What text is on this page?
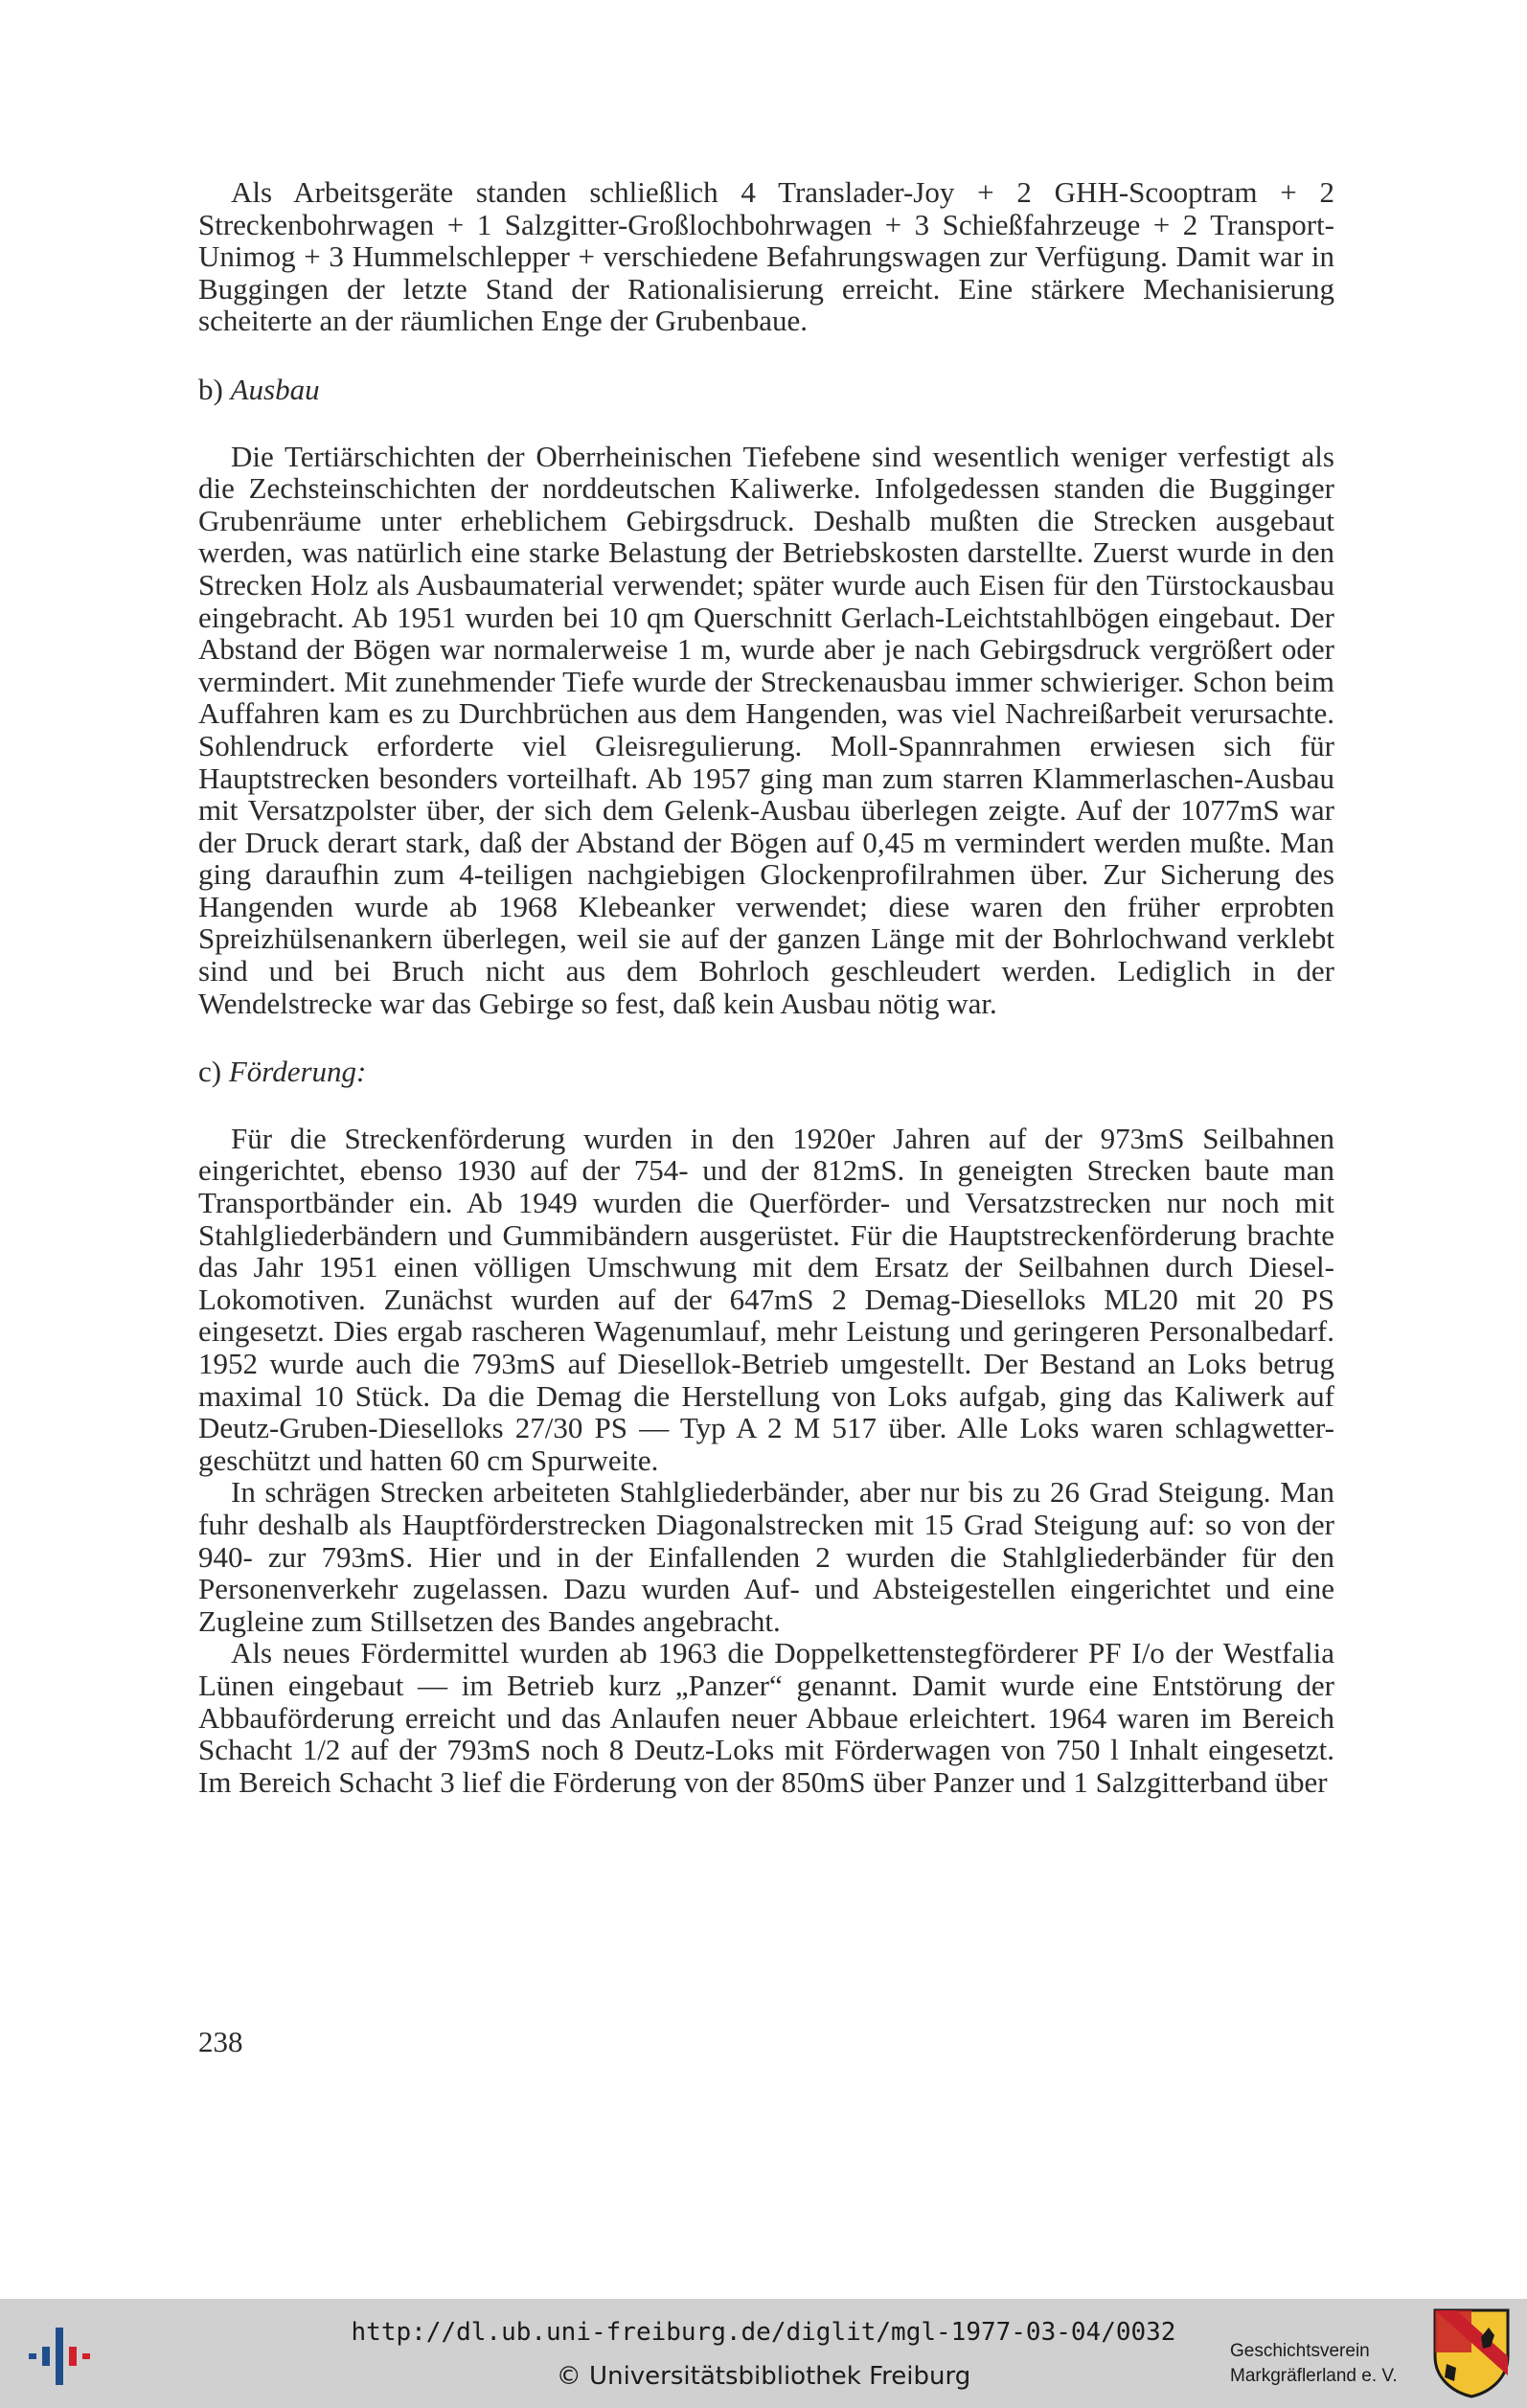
Als Arbeitsgeräte standen schließlich 4 Translader-Joy + 2 GHH-Scooptram + 2 Streckenbohrwagen + 1 Salzgitter-Großlochbohrwagen + 3 Schießfahrzeuge + 2 Transport-Unimog + 3 Hummelschlepper + verschiedene Befahrungswagen zur Verfügung. Damit war in Buggingen der letzte Stand der Rationalisierung erreicht. Eine stärkere Mechanisierung scheiterte an der räumlichen Enge der Grubenbaue.

b) Ausbau

Die Tertiärschichten der Oberrheinischen Tiefebene sind wesentlich weniger verfestigt als die Zechsteinschichten der norddeutschen Kaliwerke. Infolgedessen standen die Bugginger Grubenräume unter erheblichem Gebirgsdruck. Deshalb mußten die Strecken ausgebaut werden, was natürlich eine starke Belastung der Betriebskosten darstellte. Zuerst wurde in den Strecken Holz als Ausbaumaterial verwendet; später wurde auch Eisen für den Türstockausbau eingebracht. Ab 1951 wurden bei 10 qm Querschnitt Gerlach-Leichtstahlbögen eingebaut. Der Abstand der Bögen war normalerweise 1 m, wurde aber je nach Gebirgsdruck vergrößert oder vermindert. Mit zunehmender Tiefe wurde der Streckenausbau immer schwieriger. Schon beim Auffahren kam es zu Durchbrüchen aus dem Hangenden, was viel Nachreißarbeit verursachte. Sohlendruck erforderte viel Gleisregulierung. Moll-Spannrahmen erwiesen sich für Hauptstrecken besonders vorteilhaft. Ab 1957 ging man zum starren Klammerlaschen-Ausbau mit Versatzpolster über, der sich dem Gelenk-Ausbau überlegen zeigte. Auf der 1077mS war der Druck derart stark, daß der Abstand der Bögen auf 0,45 m vermindert werden mußte. Man ging daraufhin zum 4-teiligen nachgiebigen Glockenprofilrahmen über. Zur Sicherung des Hangenden wurde ab 1968 Klebeanker verwendet; diese waren den früher erprobten Spreizhülsenankern überlegen, weil sie auf der ganzen Länge mit der Bohrlochwand verklebt sind und bei Bruch nicht aus dem Bohrloch geschleudert werden. Lediglich in der Wendelstrecke war das Gebirge so fest, daß kein Ausbau nötig war.

c) Förderung:

Für die Streckenförderung wurden in den 1920er Jahren auf der 973mS Seilbahnen eingerichtet, ebenso 1930 auf der 754- und der 812mS. In geneigten Strecken baute man Transportbänder ein. Ab 1949 wurden die Querförder- und Versatzstrecken nur noch mit Stahlgliederbändern und Gummibändern ausgerüstet. Für die Hauptstreckenförderung brachte das Jahr 1951 einen völligen Umschwung mit dem Ersatz der Seilbahnen durch Diesel-Lokomotiven. Zunächst wurden auf der 647mS 2 Demag-Dieselloks ML20 mit 20 PS eingesetzt. Dies ergab rascheren Wagenumlauf, mehr Leistung und geringeren Personalbedarf. 1952 wurde auch die 793mS auf Diesellok-Betrieb umgestellt. Der Bestand an Loks betrug maximal 10 Stück. Da die Demag die Herstellung von Loks aufgab, ging das Kaliwerk auf Deutz-Gruben-Dieselloks 27/30 PS — Typ A 2 M 517 über. Alle Loks waren schlagwetter-geschützt und hatten 60 cm Spurweite.

In schrägen Strecken arbeiteten Stahlgliederbänder, aber nur bis zu 26 Grad Steigung. Man fuhr deshalb als Hauptförderstrecken Diagonalstrecken mit 15 Grad Steigung auf: so von der 940- zur 793mS. Hier und in der Einfallenden 2 wurden die Stahlgliederbänder für den Personenverkehr zugelassen. Dazu wurden Auf- und Absteigestellen eingerichtet und eine Zugleine zum Stillsetzen des Bandes angebracht.

Als neues Fördermittel wurden ab 1963 die Doppelkettenstegförderer PF I/o der Westfalia Lünen eingebaut — im Betrieb kurz „Panzer“ genannt. Damit wurde eine Entstörung der Abbauförderung erreicht und das Anlaufen neuer Abbaue erleichtert. 1964 waren im Bereich Schacht 1/2 auf der 793mS noch 8 Deutz-Loks mit Förderwagen von 750 l Inhalt eingesetzt. Im Bereich Schacht 3 lief die Förderung von der 850mS über Panzer und 1 Salzgitterband über

238
http://dl.ub.uni-freiburg.de/diglit/mgl-1977-03-04/0032
© Universitätsbibliothek Freiburg
Geschichtsverein
Markgräflerland e. V.
